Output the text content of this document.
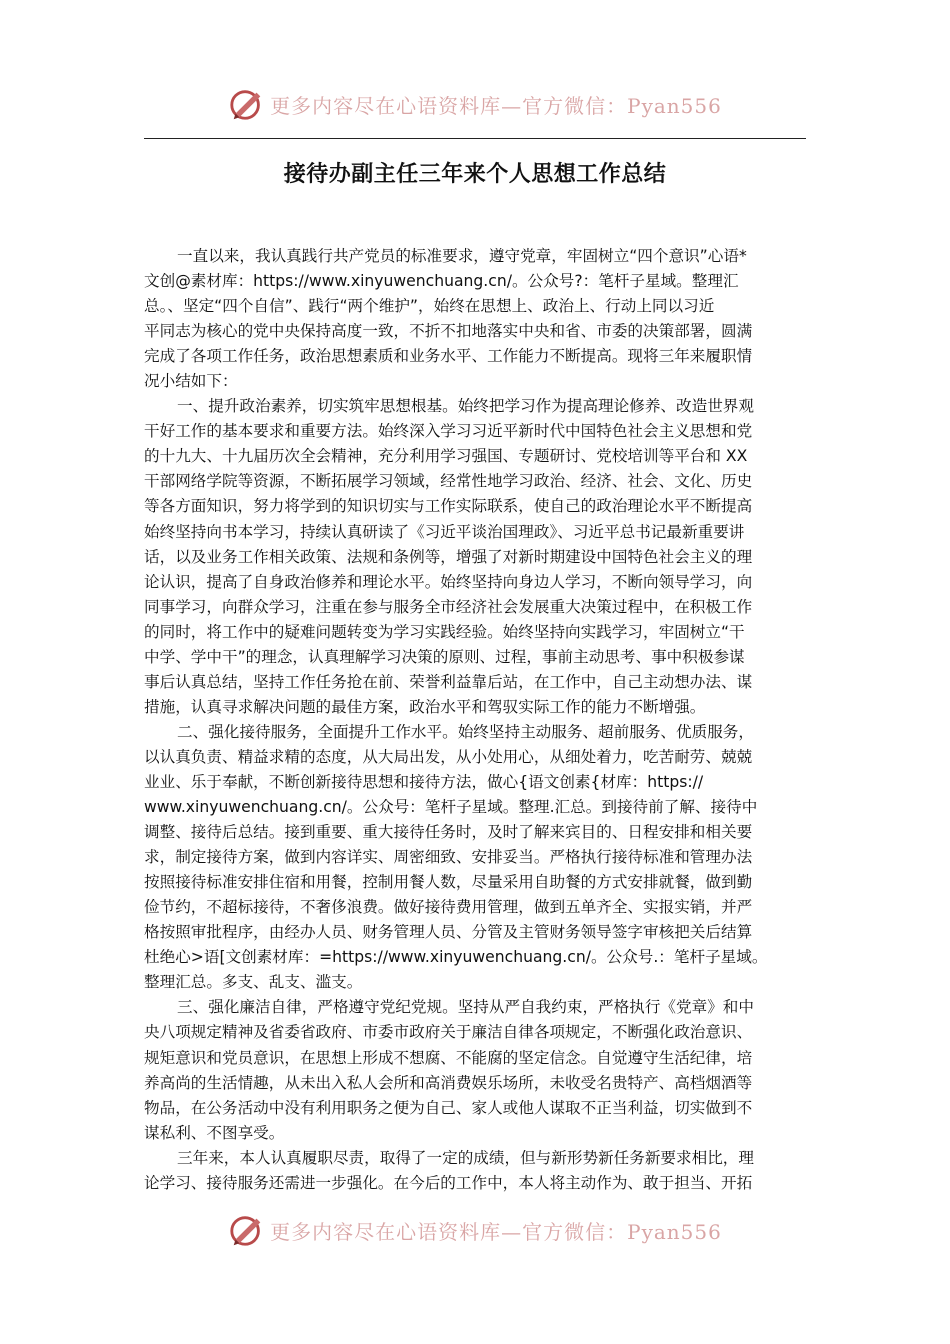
更多内容尽在心语资料库—官方微信：Pyan556
接待办副主任三年来个人思想工作总结
一直以来，我认真践行共产党员的标准要求，遵守党章，牢固树立“四个意识”心语*
文创@素材库：https://www.xinyuwenchuang.cn/。公众号?：笔杆子星域。整理汇
总。、坚定“四个自信”、践行“两个维护”，始终在思想上、政治上、行动上同以习近
平同志为核心的党中央保持高度一致，不折不扣地落实中央和省、市委的决策部署，圆满
完成了各项工作任务，政治思想素质和业务水平、工作能力不断提高。现将三年来履职情
况小结如下：
一、提升政治素养，切实筑牢思想根基。始终把学习作为提高理论修养、改造世界观
干好工作的基本要求和重要方法。始终深入学习习近平新时代中国特色社会主义思想和党
的十九大、十九届历次全会精神，充分利用学习强国、专题研讨、党校培训等平台和 XX
干部网络学院等资源，不断拓展学习领域，经常性地学习政治、经济、社会、文化、历史
等各方面知识，努力将学到的知识切实与工作实际联系，使自己的政治理论水平不断提高
始终坚持向书本学习，持续认真研读了《习近平谈治国理政》、习近平总书记最新重要讲
话，以及业务工作相关政策、法规和条例等，增强了对新时期建设中国特色社会主义的理
论认识，提高了自身政治修养和理论水平。始终坚持向身边人学习，不断向领导学习，向
同事学习，向群众学习，注重在参与服务全市经济社会发展重大决策过程中，在积极工作
的同时，将工作中的疑难问题转变为学习实践经验。始终坚持向实践学习，牢固树立“干
中学、学中干”的理念，认真理解学习决策的原则、过程，事前主动思考、事中积极参谋
事后认真总结，坚持工作任务抢在前、荣誉利益靠后站，在工作中，自己主动想办法、谋
措施，认真寻求解决问题的最佳方案，政治水平和驾驭实际工作的能力不断增强。
二、强化接待服务，全面提升工作水平。始终坚持主动服务、超前服务、优质服务，
以认真负责、精益求精的态度，从大局出发，从小处用心，从细处着力，吃苦耐劳、兢兢
业业、乐于奉献，不断创新接待思想和接待方法，做心{语文创素{材库：https://
www.xinyuwenchuang.cn/。公众号：笔杆子星域。整理.汇总。到接待前了解、接待中
调整、接待后总结。接到重要、重大接待任务时，及时了解来宾目的、日程安排和相关要
求，制定接待方案，做到内容详实、周密细致、安排妥当。严格执行接待标准和管理办法
按照接待标准安排住宿和用餐，控制用餐人数，尽量采用自助餐的方式安排就餐，做到勤
俭节约，不超标接待，不奢侈浪费。做好接待费用管理，做到五单齐全、实报实销，并严
格按照审批程序，由经办人员、财务管理人员、分管及主管财务领导签字审核把关后结算
杜绝心>语[文创素材库：=https://www.xinyuwenchuang.cn/。公众号.：笔杆子星域。
整理汇总。多支、乱支、滥支。
三、强化廉洁自律，严格遵守党纪党规。坚持从严自我约束，严格执行《党章》和中
央八项规定精神及省委省政府、市委市政府关于廉洁自律各项规定，不断强化政治意识、
规矩意识和党员意识，在思想上形成不想腐、不能腐的坚定信念。自觉遵守生活纪律，培
养高尚的生活情趣，从未出入私人会所和高消费娱乐场所，未收受名贵特产、高档烟酒等
物品，在公务活动中没有利用职务之便为自己、家人或他人谋取不正当利益，切实做到不
谋私利、不图享受。
三年来，本人认真履职尽责，取得了一定的成绩，但与新形势新任务新要求相比，理
论学习、接待服务还需进一步强化。在今后的工作中，本人将主动作为、敢于担当、开拓
更多内容尽在心语资料库—官方微信：Pyan556
